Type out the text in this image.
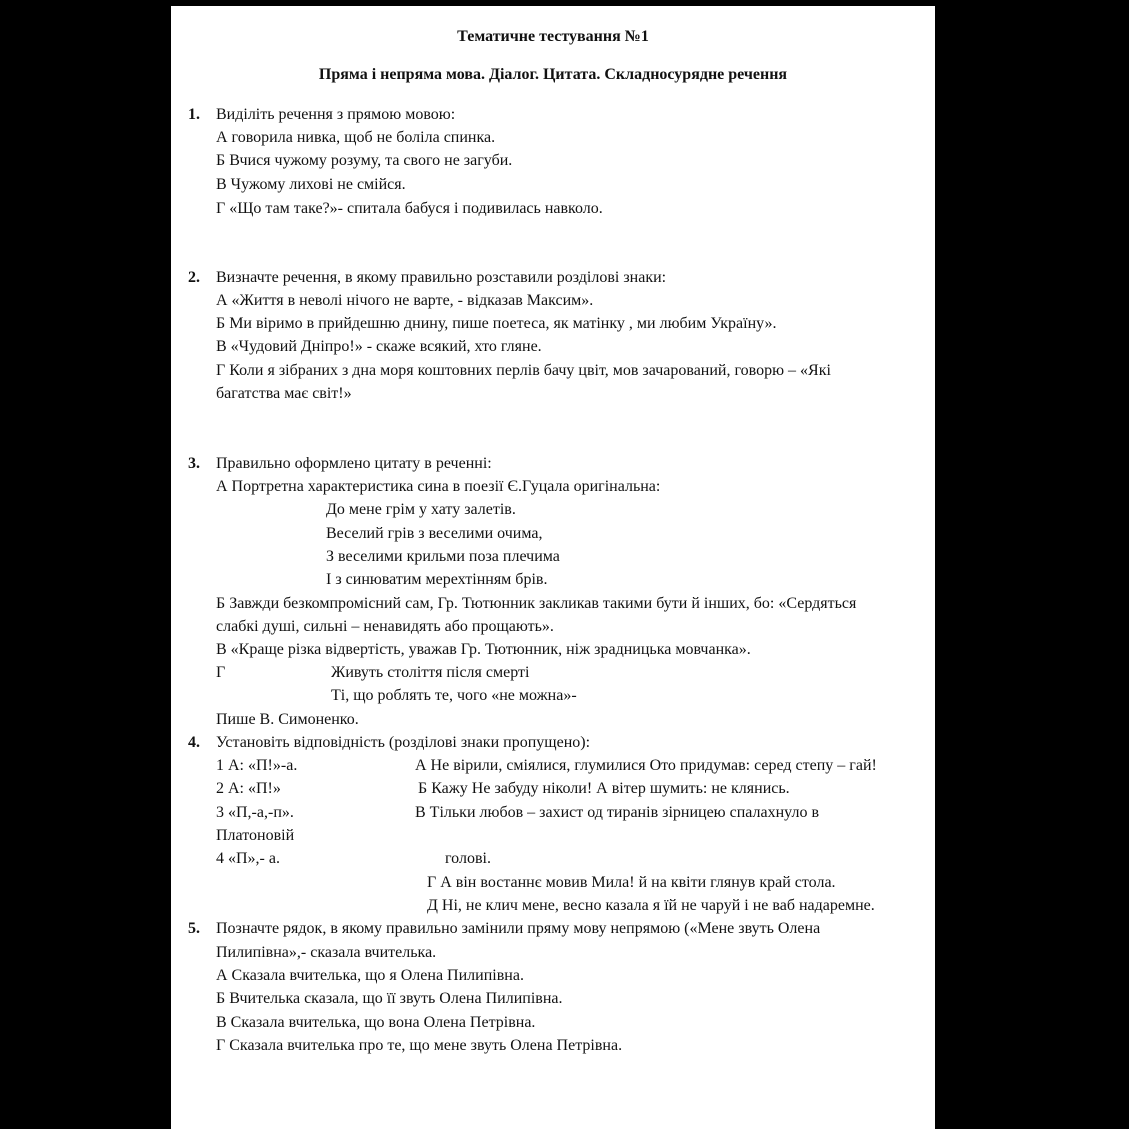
Тематичне тестування №1
Пряма і непряма мова. Діалог. Цитата. Складносурядне речення
1. Виділіть речення з прямою мовою:
А говорила нивка, щоб не боліла спинка.
Б Вчися чужому розуму, та свого не загуби.
В Чужому лихові не смійся.
Г «Що там таке?»- спитала бабуся і подивилась навколо.
2. Визначте речення, в якому правильно розставили розділові знаки:
А «Життя в неволі нічого не варте, - відказав Максим».
Б Ми віримо в прийдешню днину, пише поетеса, як матінку , ми любим Україну».
В «Чудовий Дніпро!» - скаже всякий, хто гляне.
Г Коли я зібраних з дна моря коштовних перлів бачу цвіт, мов зачарований, говорю – «Які
багатства має світ!»
3. Правильно оформлено цитату в реченні:
А Портретна характеристика сина в поезії Є.Гуцала оригінальна:
До мене грім у хату залетів.
Веселий грів з веселими очима,
З веселими крильми поза плечима
І з синюватим мерехтінням брів.
Б Завжди безкомпромісний сам, Гр. Тютюнник закликав такими бути й інших, бо: «Сердяться
слабкі душі, сильні – ненавидять або прощають».
В «Краще різка відвертість, уважав Гр. Тютюнник, ніж зрадницька мовчанка».
Г	Живуть століття після смерті
Ті, що роблять те, чого «не можна»-
Пише В. Симоненко.
4. Установіть відповідність (розділові знаки пропущено):
1 А: «П!»-а.	А Не вірили, сміялися, глумилися Ото придумав: серед степу – гай!
2 А: «П!»	Б Кажу Не забуду ніколи! А вітер шумить: не клянись.
3 «П,-а,-п».	В Тільки любов – захист од тиранів зірницею спалахнуло в
Платоновій
4 «П»,- а.	голові.
Г А він востаннє мовив Мила! й на квіти глянув край стола.
Д Ні, не клич мене, весно казала я їй не чаруй і не ваб надаремне.
5. Позначте рядок, в якому правильно замінили пряму мову непрямою («Мене звуть Олена
Пилипівна»,- сказала вчителька.
А Сказала вчителька, що я Олена Пилипівна.
Б Вчителька сказала, що її звуть Олена Пилипівна.
В Сказала вчителька, що вона Олена Петрівна.
Г Сказала вчителька про те, що мене звуть Олена Петрівна.
